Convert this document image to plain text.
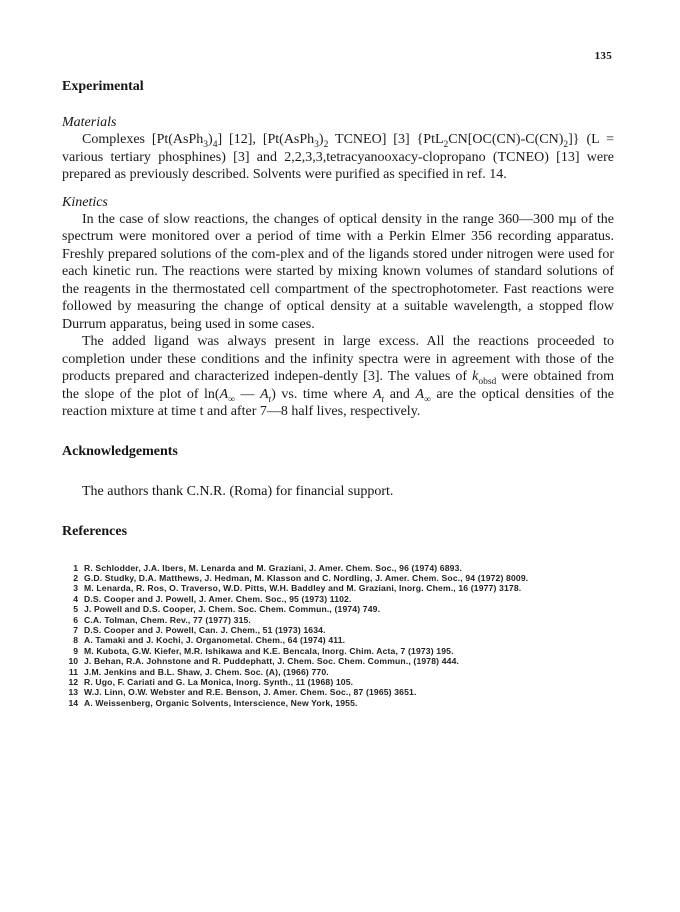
135
Experimental
Materials

Complexes $[Pt(AsPh_3)_4]$ [12], [$Pt(AsPh_3)_2$ TCNEO] [3] $\{PtL_2CN[OC(CN)-C(CN)_2]\} (L$ = various tertiary phosphines) [3] and 2,2,3,3,tetracyanooxacy-clopropano (TCNEO) [13] were prepared as previously described. Solvents were purified as specified in ref. 14.

Kinetics

In the case of slow reactions, the changes of optical density in the range 360—300 mμ of the spectrum were monitored over a period of time with a Perkin Elmer 356 recording apparatus. Freshly prepared solutions of the com-plex and of the ligands stored under nitrogen were used for each kinetic run. The reactions were started by mixing known volumes of standard solutions of the reagents in the thermostated cell compartment of the spectrophotometer. Fast reactions were followed by measuring the change of optical density at a suitable wavelength, a stopped flow Durrum apparatus, being used in some cases.

The added ligand was always present in large excess. All the reactions proceeded to completion under these conditions and the infinity spectra were in agreement with those of the products prepared and characterized indepen-dently [3]. The values of $k_{obsd}$ were obtained from the slope of the plot of $\ln(A_\infty$ — $A_t$) vs. time where $A_t$ and $A_\infty$ are the optical densities of the reaction mixture at time t and after 7—8 half lives, respectively.

Acknowledgements

The authors thank C.N.R. (Roma) for financial support.

References
1 R. Schlodder, J.A. Ibers, M. Lenarda and M. Graziani, J. Amer. Chem. Soc., 96 (1974) 6893.
2 G.D. Studky, D.A. Matthews, J. Hedman, M. Klasson and C. Nordling, J. Amer. Chem. Soc., 94 (1972) 8009.
3 M. Lenarda, R. Ros, O. Traverso, W.D. Pitts, W.H. Baddley and M. Graziani, Inorg. Chem., 16 (1977) 3178.
4 D.S. Cooper and J. Powell, J. Amer. Chem. Soc., 95 (1973) 1102.
5 J. Powell and D.S. Cooper, J. Chem. Soc. Chem. Commun., (1974) 749.
6 C.A. Tolman, Chem. Rev., 77 (1977) 315.
7 D.S. Cooper and J. Powell, Can. J. Chem., 51 (1973) 1634.
8 A. Tamaki and J. Kochi, J. Organometal. Chem., 64 (1974) 411.
9 M. Kubota, G.W. Kiefer, M.R. Ishikawa and K.E. Bencala, Inorg. Chim. Acta, 7 (1973) 195.
10 J. Behan, R.A. Johnstone and R. Puddephatt, J. Chem. Soc. Chem. Commun., (1978) 444.
11 J.M. Jenkins and B.L. Shaw, J. Chem. Soc. (A), (1966) 770.
12 R. Ugo, F. Cariati and G. La Monica, Inorg. Synth., 11 (1968) 105.
13 W.J. Linn, O.W. Webster and R.E. Benson, J. Amer. Chem. Soc., 87 (1965) 3651.
14 A. Weissenberg, Organic Solvents, Interscience, New York, 1955.
